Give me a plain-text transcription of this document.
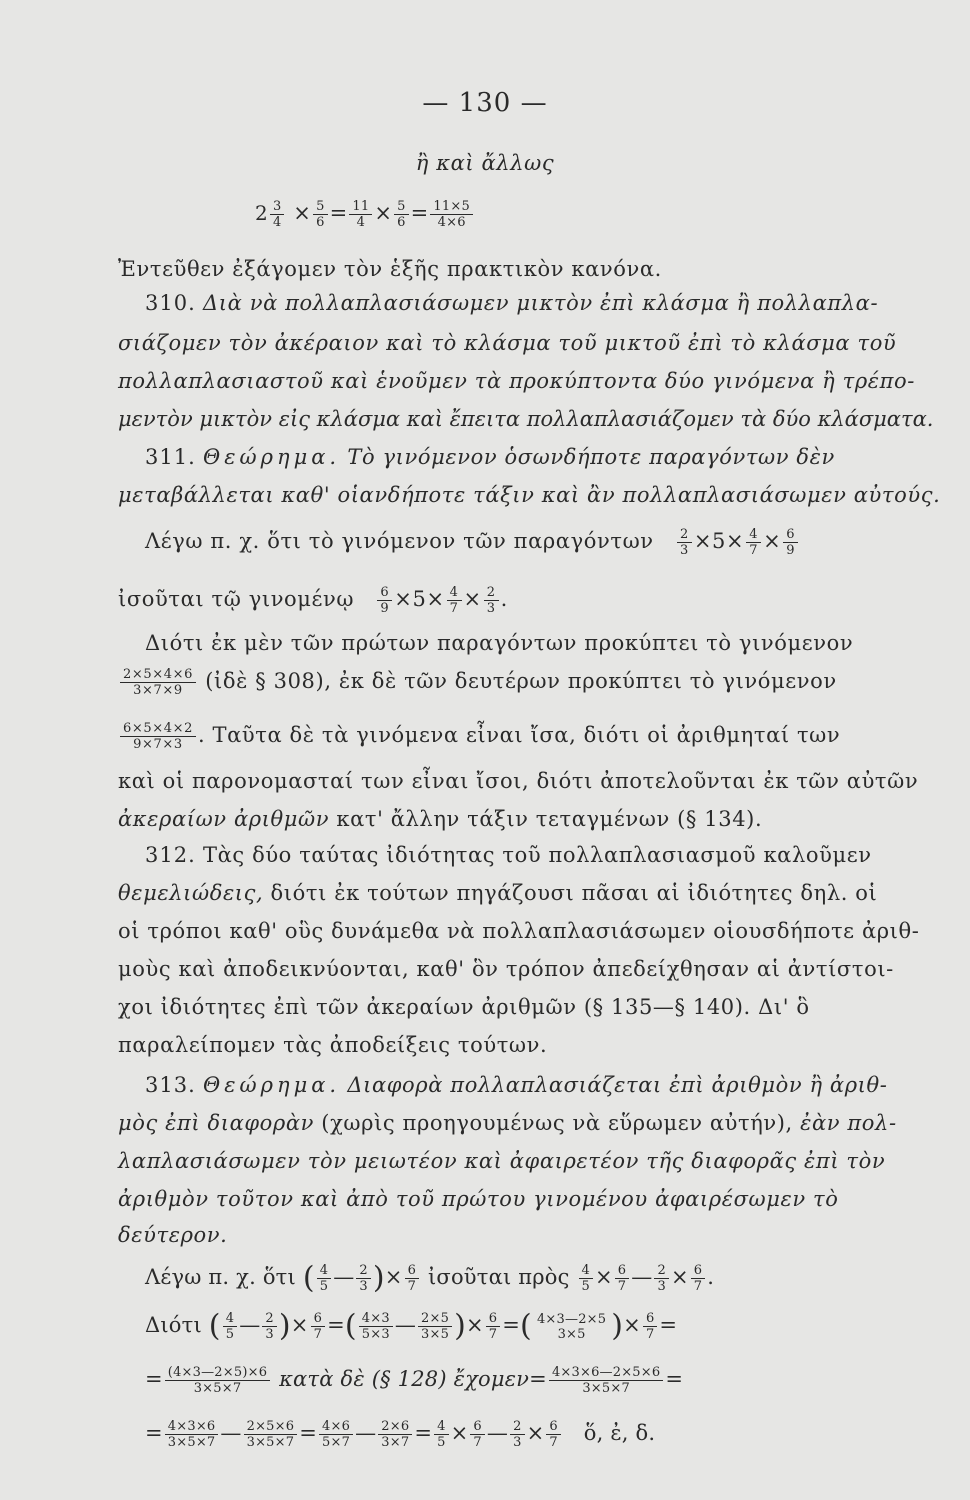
— 130 —
ἢ καὶ ἄλλως
$2 \frac{3}{4} \times \frac{5}{6} = \frac{11}{4} \times \frac{5}{6} = \frac{11\times 5}{4\times 6}$
Ἐντεῦθεν ἐξάγομεν τὸν ἑξῆς πρακτικὸν κανόνα.
310. Διὰ νὰ πολλαπλασιάσωμεν μικτὸν ἐπὶ κλάσμα ἢ πολλαπλα-
σιάζομεν τὸν ἀκέραιον καὶ τὸ κλάσμα τοῦ μικτοῦ ἐπὶ τὸ κλάσμα τοῦ
πολλαπλασιαστοῦ καὶ ἑνοῦμεν τὰ προκύπτοντα δύο γινόμενα ἢ τρέπο-
μεντὸν μικτὸν εἰς κλάσμα καὶ ἔπειτα πολλαπλασιάζομεν τὰ δύο κλάσματα.
311. Θεώρημα. Τὸ γινόμενον ὁσωνδήποτε παραγόντων δὲν
μεταβάλλεται καθ' οἱανδήποτε τάξιν καὶ ἂν πολλαπλασιάσωμεν αὐτούς.
Λέγω π. χ. ὅτι τὸ γινόμενον τῶν παραγόντων $\frac{2}{3} \times 5\times \frac{4}{7} \times \frac{6}{9}$
ἰσοῦται τῷ γινομένῳ $\frac{6}{9} \times 5\times \frac{4}{7} \times \frac{2}{3}$ .
Διότι ἐκ μὲν τῶν πρώτων παραγόντων προκύπτει τὸ γινόμενον
$\frac{2\times 5\times 4\times 6}{3\times 7\times 9}$ (ἰδὲ § 308), ἐκ δὲ τῶν δευτέρων προκύπτει τὸ γινόμενον
$\frac{6\times 5\times 4\times 2}{9\times 7\times 3}$ . Ταῦτα δὲ τὰ γινόμενα εἶναι ἴσα, διότι οἱ ἀριθμηταί των
καὶ οἱ παρονομασταί των εἶναι ἴσοι, διότι ἀποτελοῦνται ἐκ τῶν αὐτῶν
ἀκεραίων ἀριθμῶν κατ' ἄλλην τάξιν τεταγμένων (§ 134).
312. Τὰς δύο ταύτας ἰδιότητας τοῦ πολλαπλασιασμοῦ καλοῦμεν
θεμελιώδεις, διότι ἐκ τούτων πηγάζουσι πᾶσαι αἱ ἰδιότητες δηλ. οἱ
οἱ τρόποι καθ' οὓς δυνάμεθα νὰ πολλαπλασιάσωμεν οἱουσδήποτε ἀριθ-
μοὺς καὶ ἀποδεικνύονται, καθ' ὃν τρόπον ἀπεδείχθησαν αἱ ἀντίστοι-
χοι ἰδιότητες ἐπὶ τῶν ἀκεραίων ἀριθμῶν (§ 135—§ 140). Δι' ὃ
παραλείπομεν τὰς ἀποδείξεις τούτων.
313. Θεώρημα. Διαφορὰ πολλαπλασιάζεται ἐπὶ ἀριθμὸν ἢ ἀριθ-
μὸς ἐπὶ διαφορὰν (χωρὶς προηγουμένως νὰ εὕρωμεν αὐτήν), ἐὰν πολ-
λαπλασιάσωμεν τὸν μειωτέον καὶ ἀφαιρετέον τῆς διαφορᾶς ἐπὶ τὸν
ἀριθμὸν τοῦτον καὶ ἀπὸ τοῦ πρώτου γινομένου ἀφαιρέσωμεν τὸ
δεύτερον.
Λέγω π. χ. ὅτι ( $\frac{4}{5}$ — $\frac{2}{3}$ )× $\frac{6}{7}$ ἰσοῦται πρὸς $\frac{4}{5} \times \frac{6}{7}$ — $\frac{2}{3} \times \frac{6}{7}$ .
Διότι ( $\frac{4}{5}$ — $\frac{2}{3}$ )× $\frac{6}{7}$ =( $\frac{4\times 3}{5\times 3}$ — $\frac{2\times 5}{3\times 5}$ )× $\frac{6}{7}$ =( 4×3—2×5
3×5 )× $\frac{6}{7}$ =
= $\frac{(4\times 3—2\times 5)\times 6}{3\times 5\times 7}$ κατὰ δὲ (§ 128) ἔχομεν= $\frac{4\times 3\times 6—2\times 5\times 6}{3\times 5\times 7}$ =
= $\frac{4\times 3\times 6}{3\times 5\times 7}$ — $\frac{2\times 5\times 6}{3\times 5\times 7} = \frac{4\times 6}{5\times 7}$ — $\frac{2\times 6}{3\times 7} = \frac{4}{5} \times \frac{6}{7}$ — $\frac{2}{3} \times \frac{6}{7}$ ὅ, ἐ, δ.
